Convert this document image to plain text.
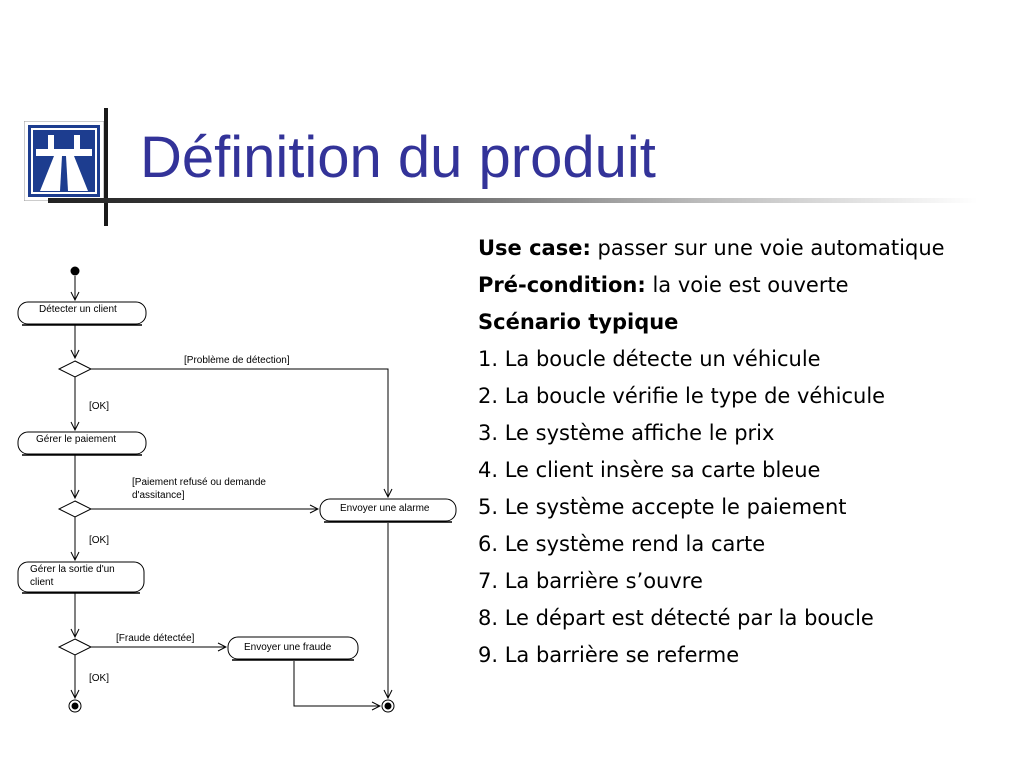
Définition du produit
Détecter un client
[Problème de détection]
[OK]
Gérer le paiement
[Paiement refusé ou demande
d'assitance]
Envoyer une alarme
[OK]
Gérer la sortie d'un
client
[Fraude détectée]
Envoyer une fraude
[OK]
Use case: passer sur une voie automatique
Pré-condition: la voie est ouverte
Scénario typique
1. La boucle détecte un véhicule
2. La boucle vérifie le type de véhicule
3. Le système affiche le prix
4. Le client insère sa carte bleue
5. Le système accepte le paiement
6. Le système rend la carte
7. La barrière s’ouvre
8. Le départ est détecté par la boucle
9. La barrière se referme
